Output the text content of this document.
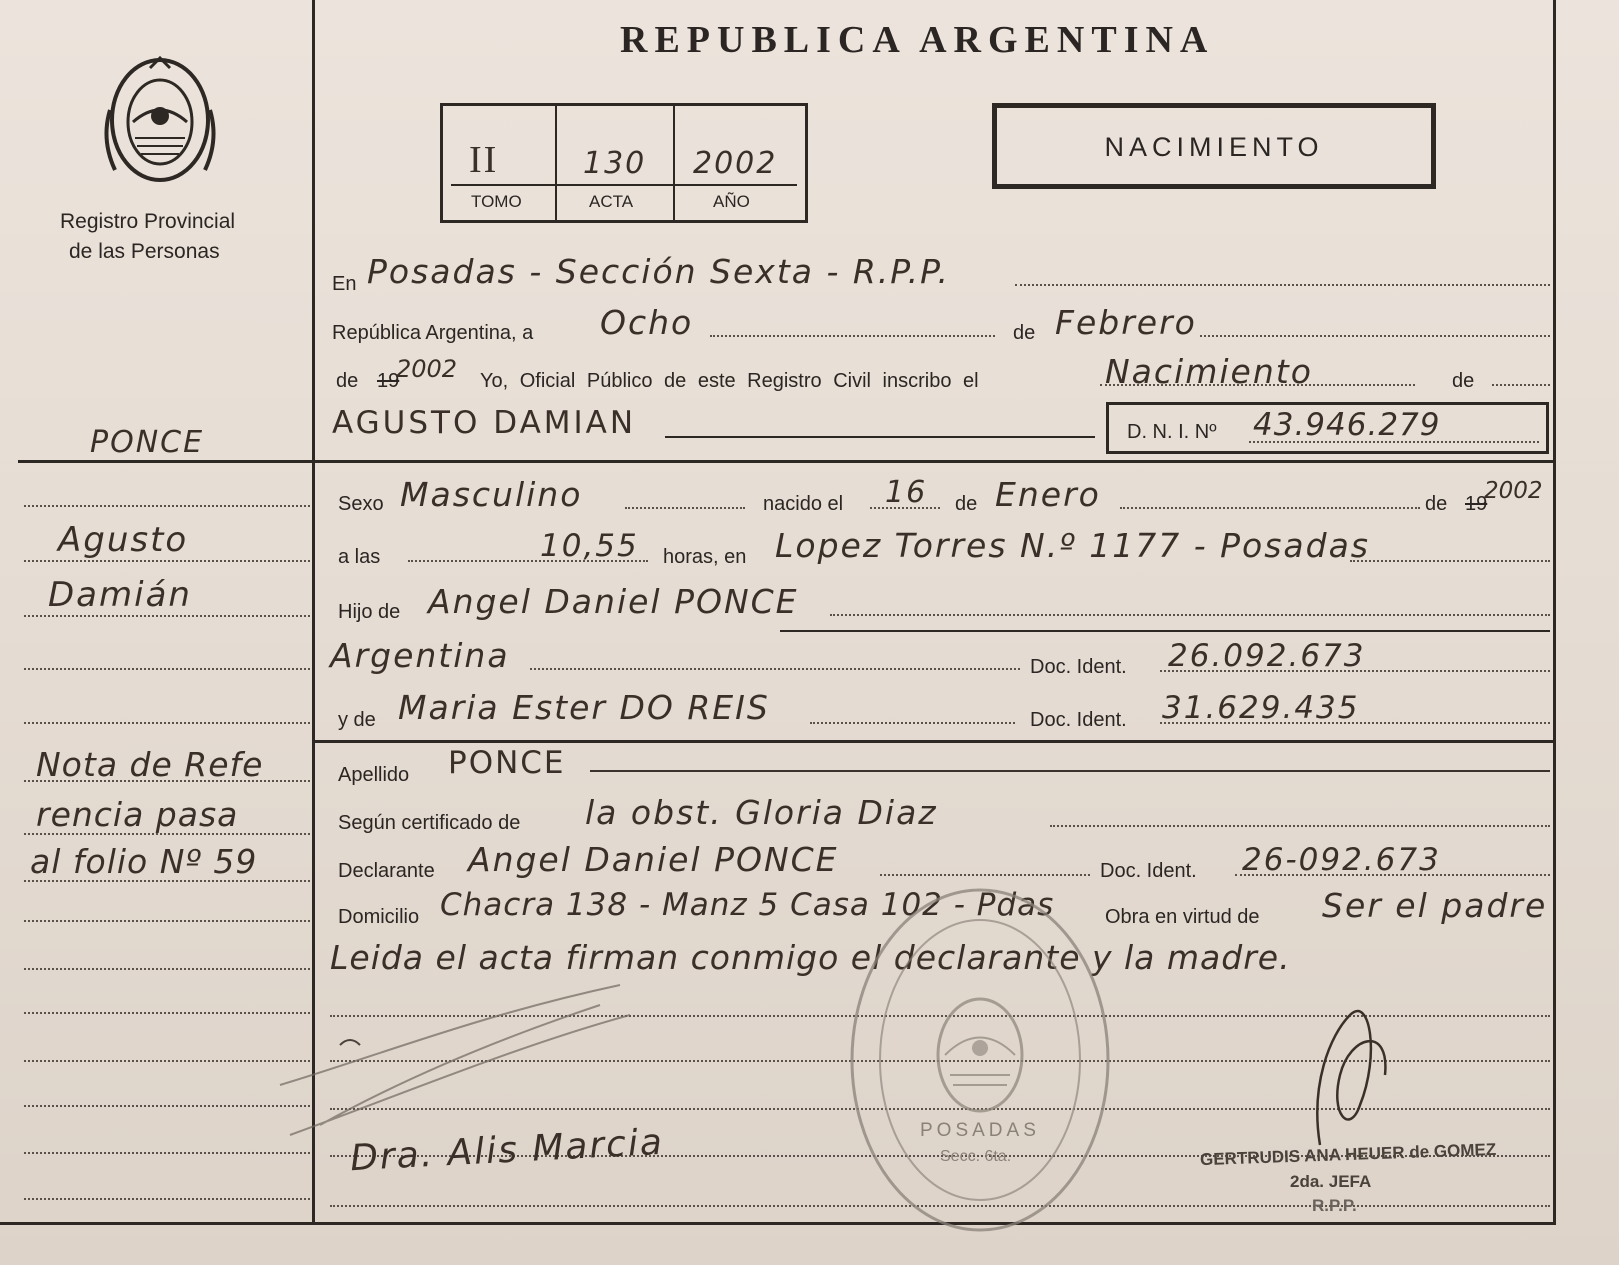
Registro Provincial
de las Personas
PONCE
Agusto
Damián
Nota de Refe
rencia pasa
al folio Nº 59
REPUBLICA ARGENTINA
II	130 2002
TOMO	ACTA	AÑO
NACIMIENTO
En Posadas - Sección Sexta - R.P.P.
República Argentina, a Ocho	de Febrero
de 19
2002 Yo, Oficial Público de este Registro Civil inscribo el	Nacimiento	de
AGUSTO DAMIAN	D. N. I. Nº 43.946.279
Sexo Masculino	nacido el 16 de Enero	de 19
2002
a las	10,55 horas, en Lopez Torres N.º 1177 - Posadas
Hijo de Angel Daniel PONCE
Argentina	Doc. Ident. 26.092.673
y de Maria Ester DO REIS	Doc. Ident. 31.629.435
Apellido PONCE
Según certificado de la obst. Gloria Diaz
Declarante Angel Daniel PONCE	Doc. Ident. 26-092.673
Domicilio Chacra 138 - Manz 5 Casa 102 - Pdas	Obra en virtud de Ser el padre
Leida el acta firman conmigo el declarante y la madre.
POSADAS
Secc. 6ta.
Dra. Alis Marcia	GERTRUDIS ANA HEUER de GOMEZ
2da. JEFA
R.P.P.
